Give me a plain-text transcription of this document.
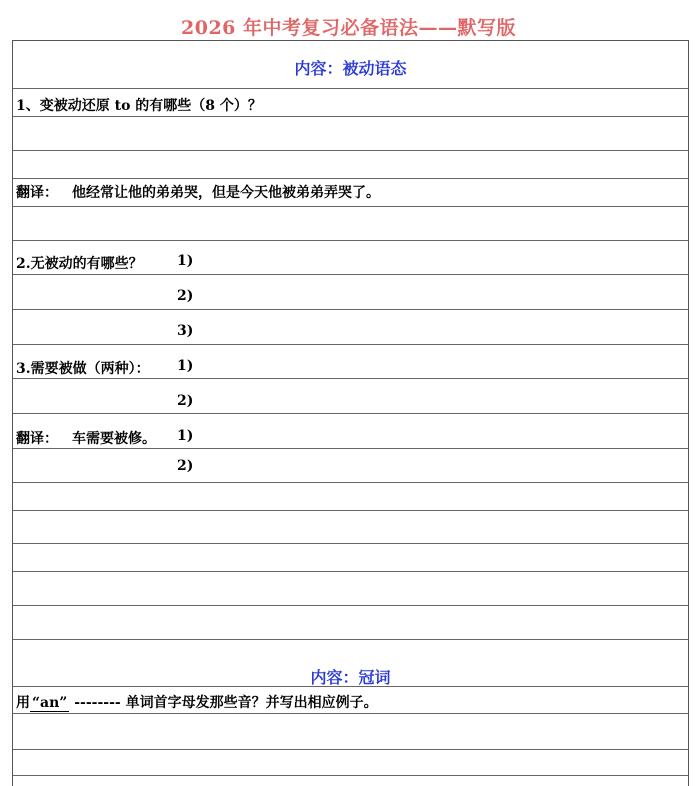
2026 年中考复习必备语法——默写版
内容：被动语态
1、变被动还原 to 的有哪些（8 个）？
翻译： 他经常让他的弟弟哭，但是今天他被弟弟弄哭了。
2.无被动的有哪些？ 1)
2)
3)
3.需要被做（两种）： 1)
2)
翻译： 车需要被修。 1)
2)
内容：冠词
用 “an” -------- 单词首字母发那些音？并写出相应例子。
